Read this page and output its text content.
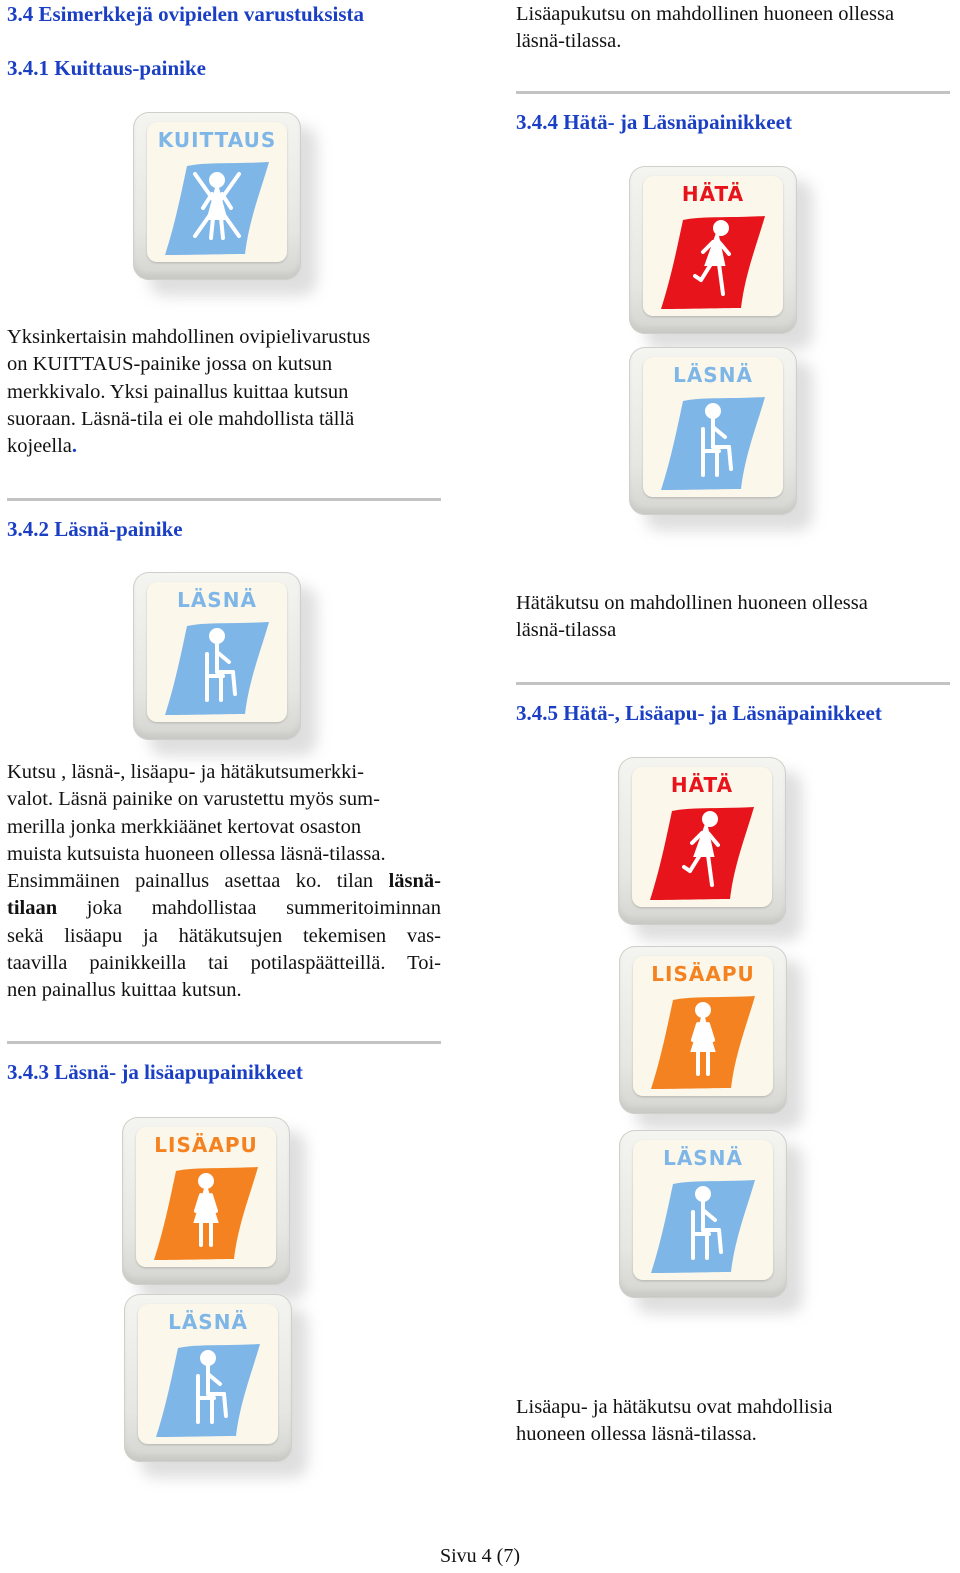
3.4 Esimerkkejä ovipielen varustuksista
3.4.1 Kuittaus-painike
KUITTAUS
Yksinkertaisin mahdollinen ovipielivarustus
on KUITTAUS-painike jossa on kutsun
merkkivalo. Yksi painallus kuittaa kutsun
suoraan. Läsnä-tila ei ole mahdollista tällä
kojeella.
3.4.2 Läsnä-painike
LÄSNÄ
Kutsu , läsnä-, lisäapu- ja hätäkutsumerkki-
valot. Läsnä painike on varustettu myös sum-
merilla jonka merkkiäänet kertovat osaston
muista kutsuista huoneen ollessa läsnä-tilassa.
Ensimmäinen painallus asettaa ko. tilan läsnä-
tilaan joka mahdollistaa summeritoiminnan
sekä lisäapu ja hätäkutsujen tekemisen vas-
taavilla painikkeilla tai potilaspäätteillä. Toi-
nen painallus kuittaa kutsun.
3.4.3 Läsnä- ja lisäapupainikkeet
LISÄAPU
LÄSNÄ
Lisäapukutsu on mahdollinen huoneen ollessa
läsnä-tilassa.
3.4.4 Hätä- ja Läsnäpainikkeet
HÄTÄ
LÄSNÄ
Hätäkutsu on mahdollinen huoneen ollessa
läsnä-tilassa
3.4.5 Hätä-, Lisäapu- ja Läsnäpainikkeet
HÄTÄ
LISÄAPU
LÄSNÄ
Lisäapu- ja hätäkutsu ovat mahdollisia
huoneen ollessa läsnä-tilassa.
Sivu 4 (7)
